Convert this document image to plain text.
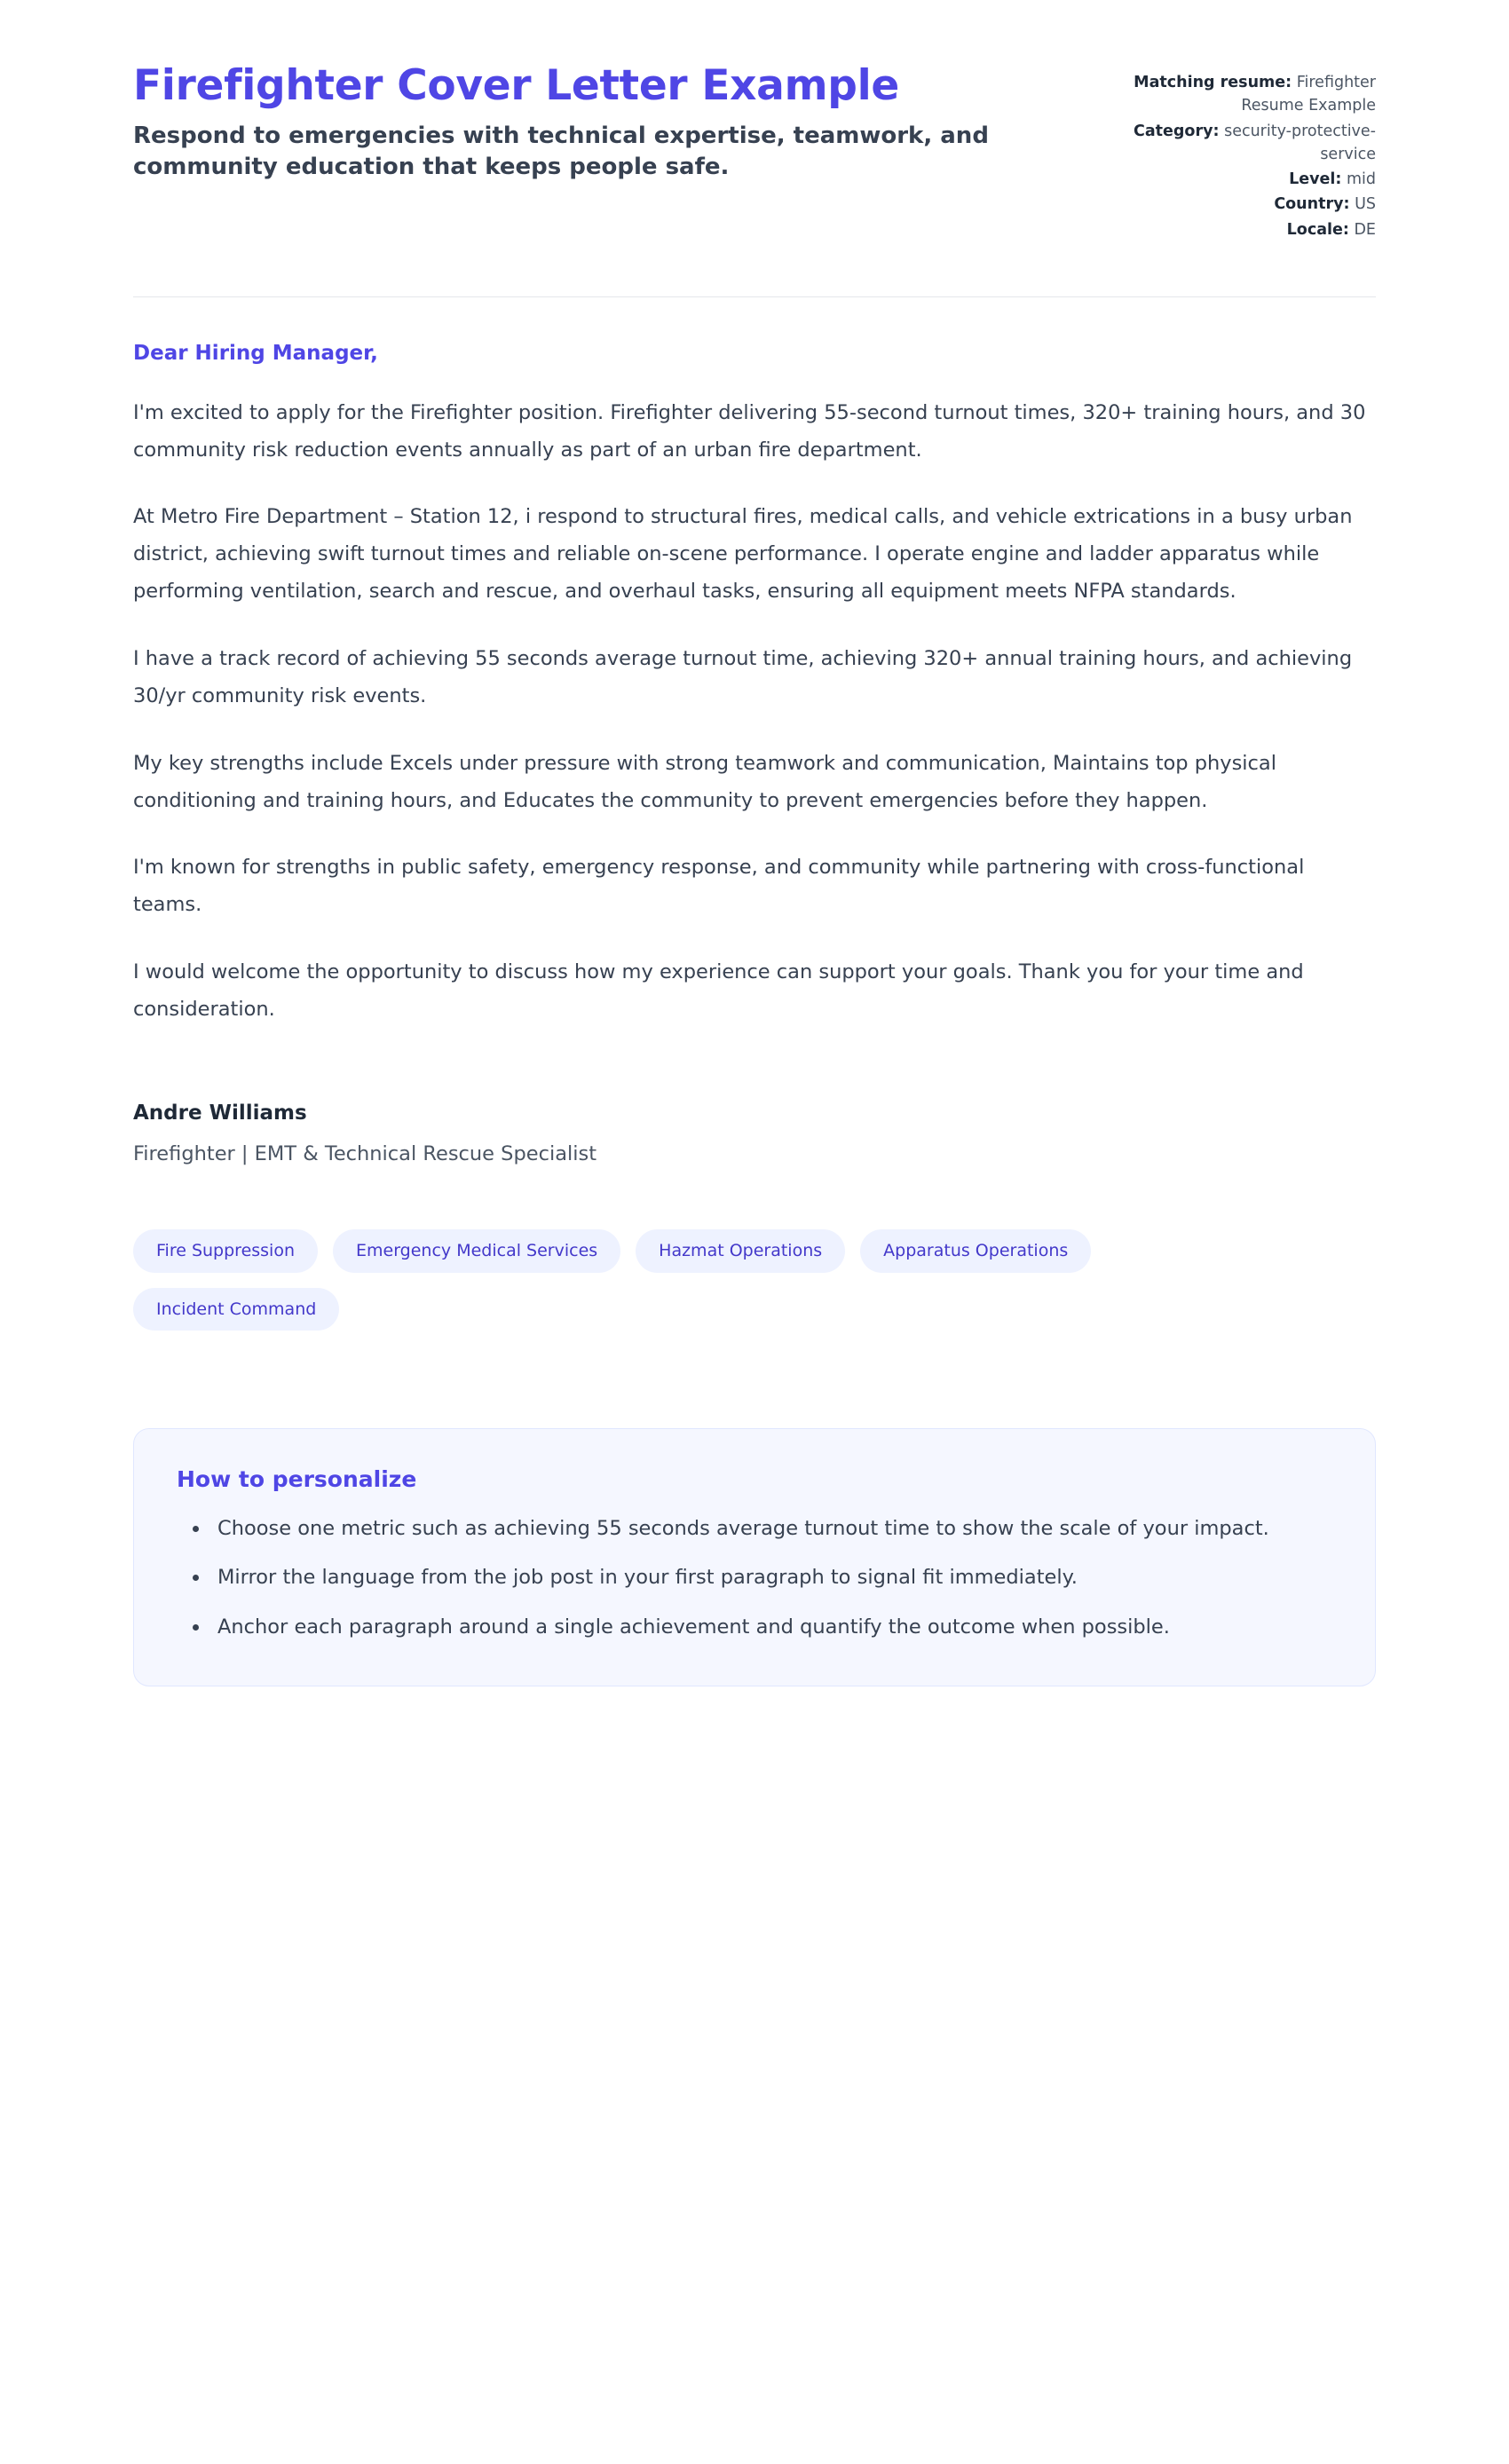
Firefighter Cover Letter Example

Respond to emergencies with technical expertise, teamwork, and community education that keeps people safe.

Matching resume: Firefighter Resume Example
Category: security-protective-service
Level: mid
Country: US
Locale: DE

Dear Hiring Manager,

I'm excited to apply for the Firefighter position. Firefighter delivering 55-second turnout times, 320+ training hours, and 30 community risk reduction events annually as part of an urban fire department.

At Metro Fire Department – Station 12, i respond to structural fires, medical calls, and vehicle extrications in a busy urban district, achieving swift turnout times and reliable on-scene performance. I operate engine and ladder apparatus while performing ventilation, search and rescue, and overhaul tasks, ensuring all equipment meets NFPA standards.

I have a track record of achieving 55 seconds average turnout time, achieving 320+ annual training hours, and achieving 30/yr community risk events.

My key strengths include Excels under pressure with strong teamwork and communication, Maintains top physical conditioning and training hours, and Educates the community to prevent emergencies before they happen.

I'm known for strengths in public safety, emergency response, and community while partnering with cross-functional teams.

I would welcome the opportunity to discuss how my experience can support your goals. Thank you for your time and consideration.

Andre Williams

Firefighter | EMT & Technical Rescue Specialist

Fire Suppression	Emergency Medical Services	Hazmat Operations	Apparatus Operations
Incident Command
How to personalize
• Choose one metric such as achieving 55 seconds average turnout time to show the scale of your impact.
• Mirror the language from the job post in your first paragraph to signal fit immediately.
• Anchor each paragraph around a single achievement and quantify the outcome when possible.
